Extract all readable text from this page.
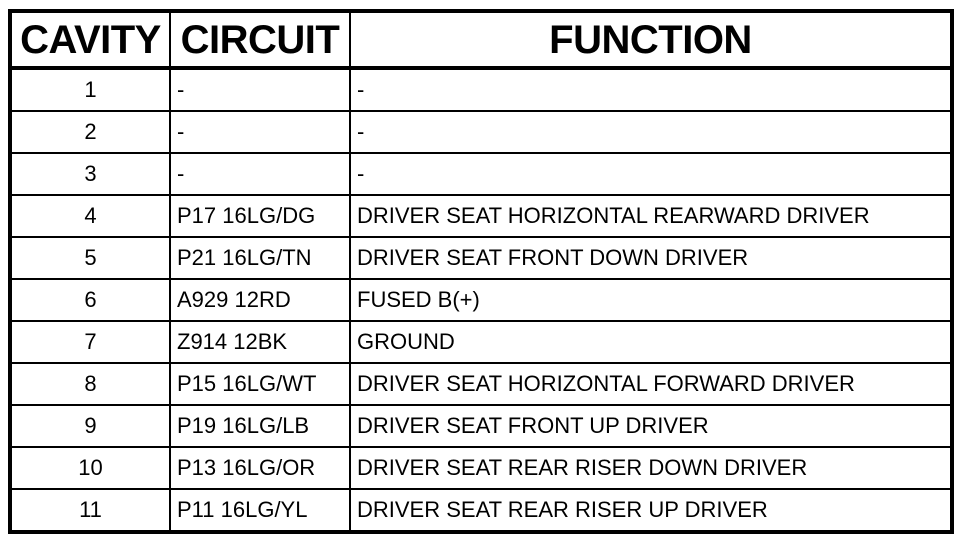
CAVITY	CIRCUIT	FUNCTION
1	-	-
2	-	-
3	-	-
4	P17 16LG/DG	DRIVER SEAT HORIZONTAL REARWARD DRIVER
5	P21 16LG/TN	DRIVER SEAT FRONT DOWN DRIVER
6	A929 12RD	FUSED B(+)
7	Z914 12BK	GROUND
8	P15 16LG/WT	DRIVER SEAT HORIZONTAL FORWARD DRIVER
9	P19 16LG/LB	DRIVER SEAT FRONT UP DRIVER
10	P13 16LG/OR	DRIVER SEAT REAR RISER DOWN DRIVER
11	P11 16LG/YL	DRIVER SEAT REAR RISER UP DRIVER
